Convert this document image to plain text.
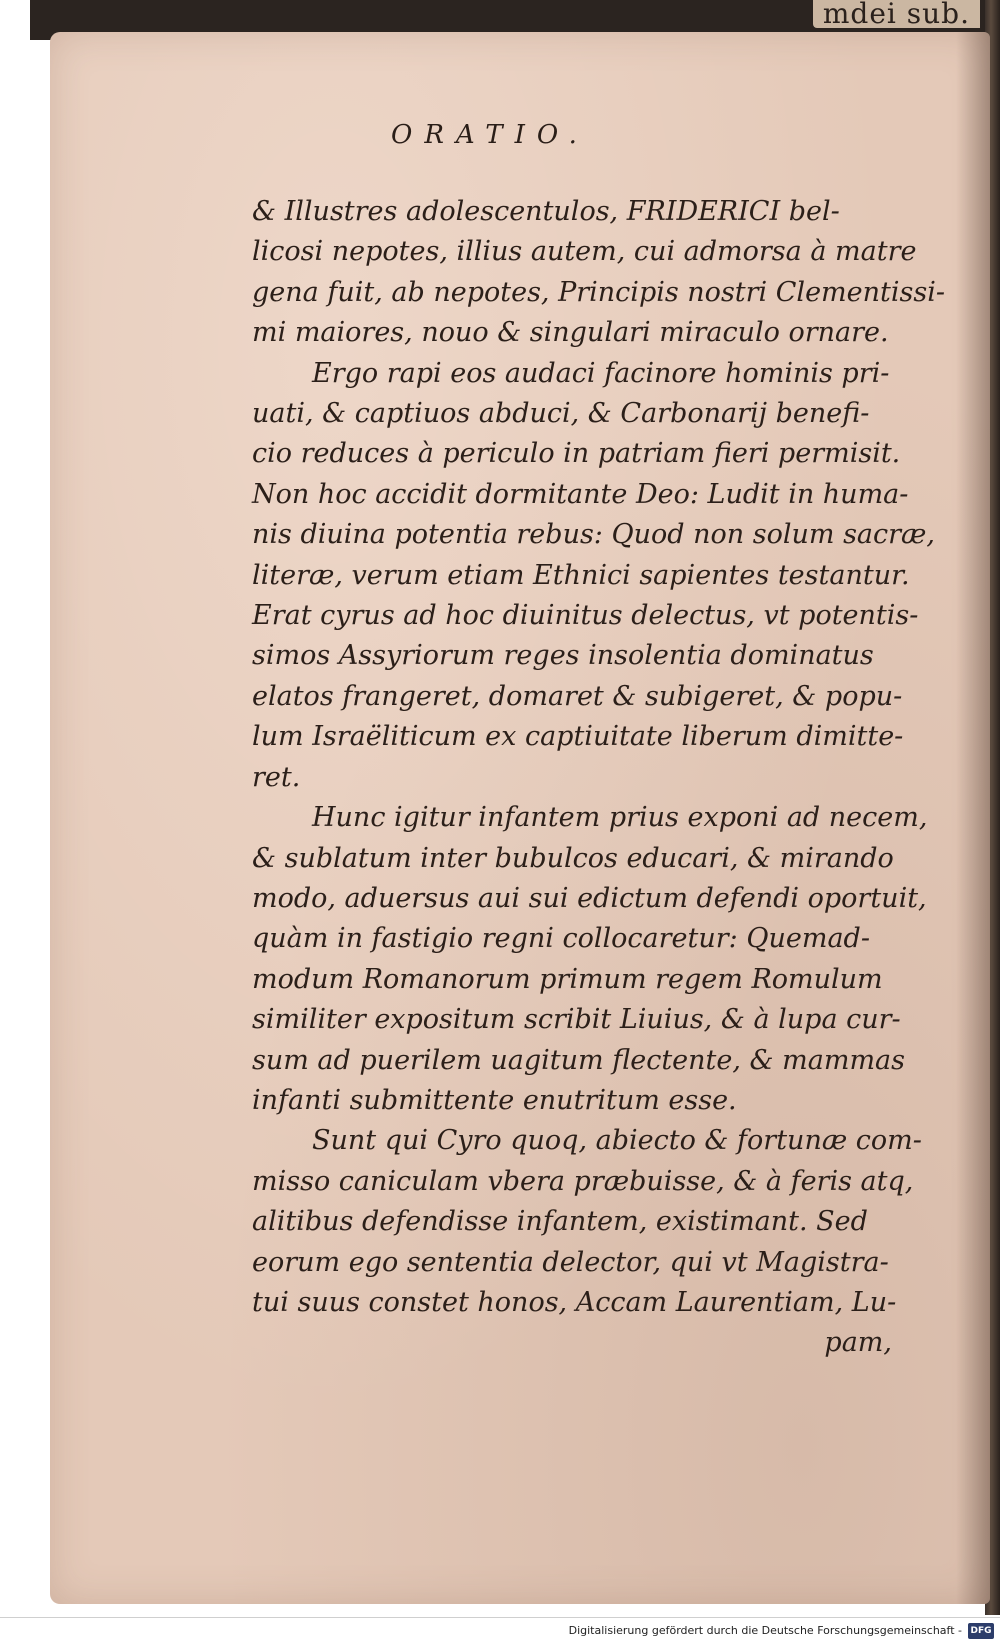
mdei sub.
ORATIO.
& Illustres adolescentulos, FRIDERICI bel-
licosi nepotes, illius autem, cui admorsa à matre
gena fuit, ab nepotes, Principis nostri Clementissi-
mi maiores, nouo & singulari miraculo ornare.
Ergo rapi eos audaci facinore hominis pri-
uati, & captiuos abduci, & Carbonarij benefi-
cio reduces à periculo in patriam fieri permisit.
Non hoc accidit dormitante Deo: Ludit in huma-
nis diuina potentia rebus: Quod non solum sacræ,
literæ, verum etiam Ethnici sapientes testantur.
Erat cyrus ad hoc diuinitus delectus, vt potentis-
simos Assyriorum reges insolentia dominatus
elatos frangeret, domaret & subigeret, & popu-
lum Israëliticum ex captiuitate liberum dimitte-
ret.
Hunc igitur infantem prius exponi ad necem,
& sublatum inter bubulcos educari, & mirando
modo, aduersus aui sui edictum defendi oportuit,
quàm in fastigio regni collocaretur: Quemad-
modum Romanorum primum regem Romulum
similiter expositum scribit Liuius, & à lupa cur-
sum ad puerilem uagitum flectente, & mammas
infanti submittente enutritum esse.
Sunt qui Cyro quoq, abiecto & fortunæ com-
misso caniculam vbera præbuisse, & à feris atq,
alitibus defendisse infantem, existimant. Sed
eorum ego sententia delector, qui vt Magistra-
tui suus constet honos, Accam Laurentiam, Lu-
pam,
Digitalisierung gefördert durch die Deutsche Forschungsgemeinschaft - DFG
